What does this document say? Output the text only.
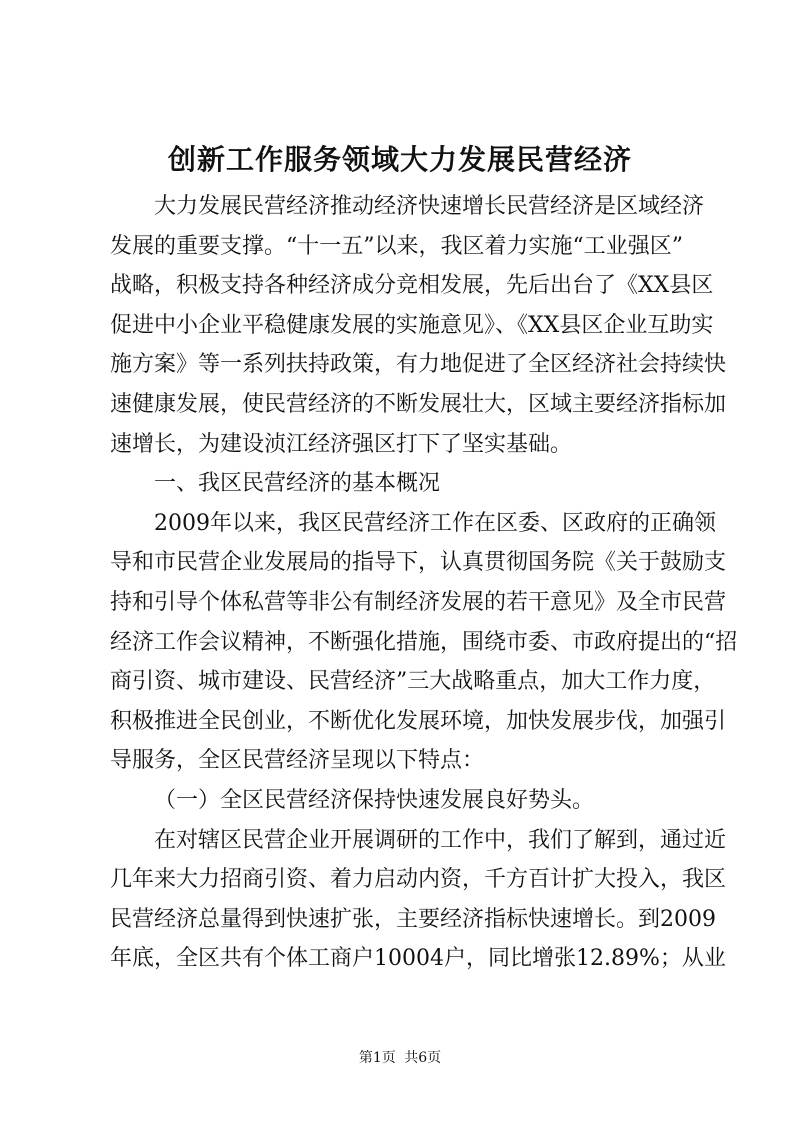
创新工作服务领域大力发展民营经济
大力发展民营经济推动经济快速增长民营经济是区域经济
发展的重要支撑。“十一五”以来，我区着力实施“工业强区”
战略，积极支持各种经济成分竞相发展，先后出台了《XX县区
促进中小企业平稳健康发展的实施意见》、《XX县区企业互助实
施方案》等一系列扶持政策，有力地促进了全区经济社会持续快
速健康发展，使民营经济的不断发展壮大，区域主要经济指标加
速增长，为建设浈江经济强区打下了坚实基础。
一、我区民营经济的基本概况
2009年以来，我区民营经济工作在区委、区政府的正确领
导和市民营企业发展局的指导下，认真贯彻国务院《关于鼓励支
持和引导个体私营等非公有制经济发展的若干意见》及全市民营
经济工作会议精神，不断强化措施，围绕市委、市政府提出的“招
商引资、城市建设、民营经济”三大战略重点，加大工作力度，
积极推进全民创业，不断优化发展环境，加快发展步伐，加强引
导服务，全区民营经济呈现以下特点：
（一）全区民营经济保持快速发展良好势头。
在对辖区民营企业开展调研的工作中，我们了解到，通过近
几年来大力招商引资、着力启动内资，千方百计扩大投入，我区
民营经济总量得到快速扩张，主要经济指标快速增长。到2009
年底，全区共有个体工商户10004户，同比增张12.89%；从业
第1页 共6页
